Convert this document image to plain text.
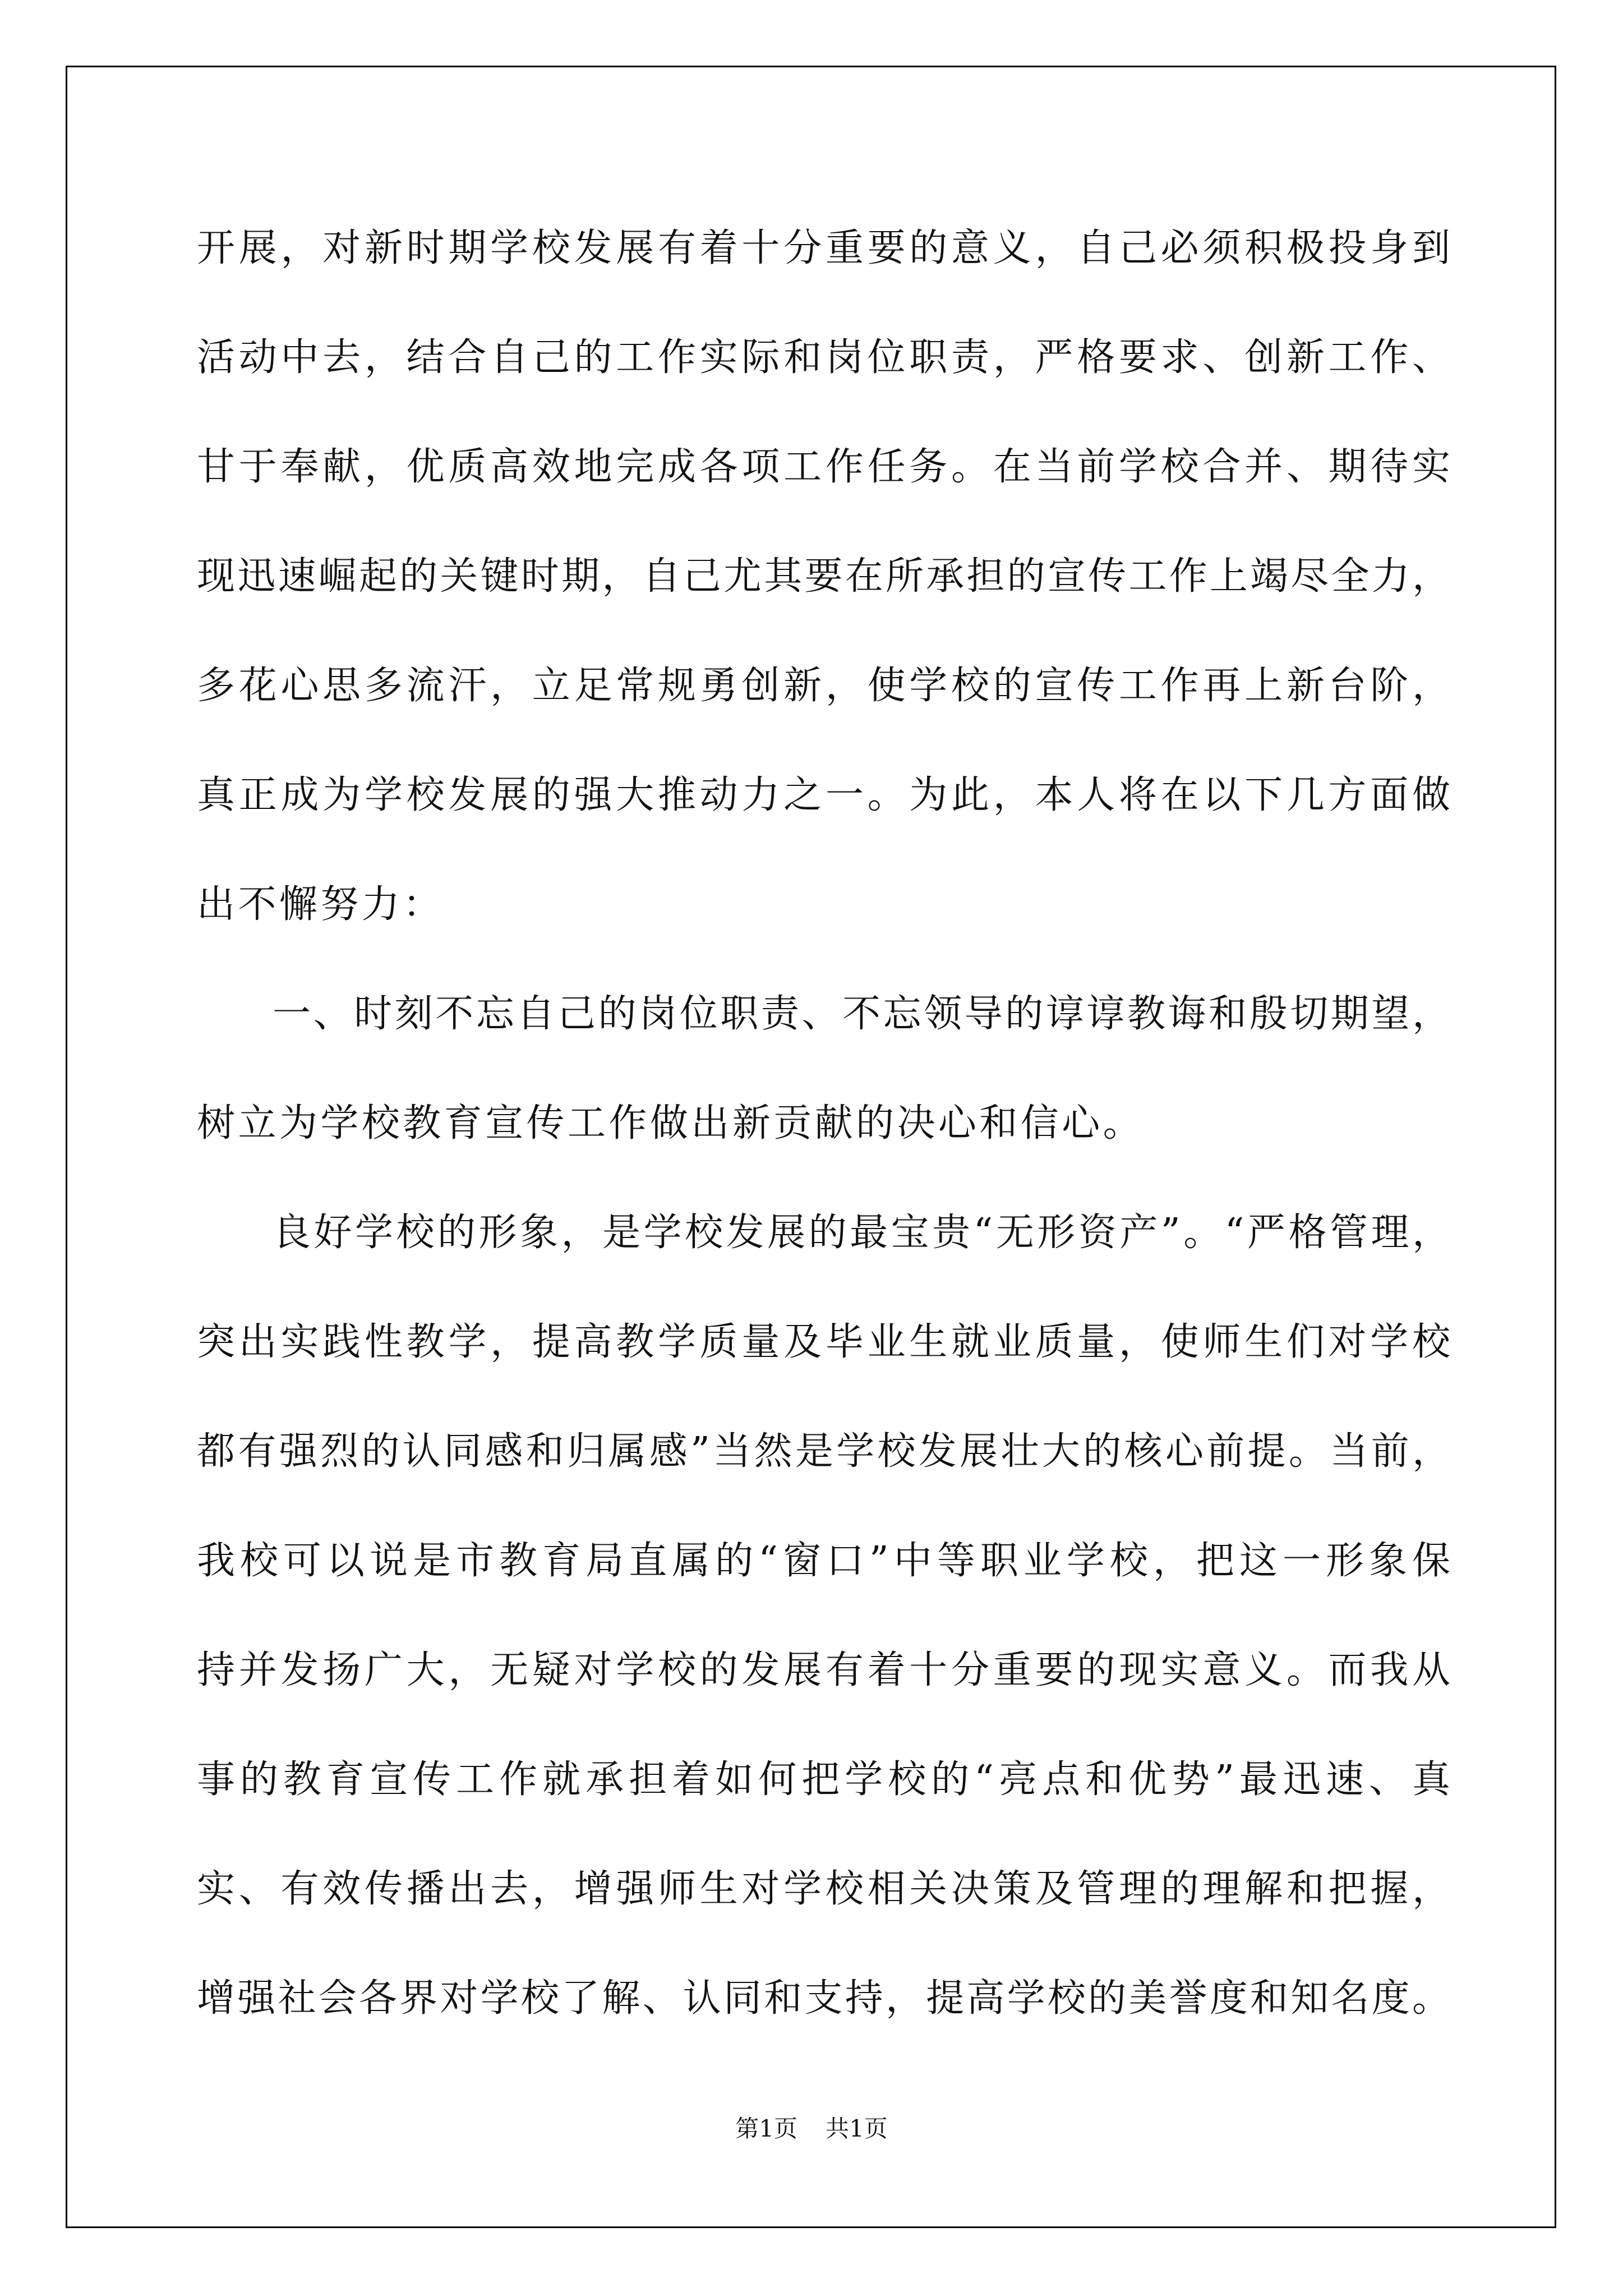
开展，对新时期学校发展有着十分重要的意义，自己必须积极投身到
活动中去，结合自己的工作实际和岗位职责，严格要求、创新工作、
甘于奉献，优质高效地完成各项工作任务。在当前学校合并、期待实
现迅速崛起的关键时期，自己尤其要在所承担的宣传工作上竭尽全力，
多花心思多流汗，立足常规勇创新，使学校的宣传工作再上新台阶，
真正成为学校发展的强大推动力之一。为此，本人将在以下几方面做
出不懈努力：
一、时刻不忘自己的岗位职责、不忘领导的谆谆教诲和殷切期望，
树立为学校教育宣传工作做出新贡献的决心和信心。
良好学校的形象，是学校发展的最宝贵“无形资产”。“严格管理，
突出实践性教学，提高教学质量及毕业生就业质量，使师生们对学校
都有强烈的认同感和归属感”当然是学校发展壮大的核心前提。当前，
我校可以说是市教育局直属的“窗口”中等职业学校，把这一形象保
持并发扬广大，无疑对学校的发展有着十分重要的现实意义。而我从
事的教育宣传工作就承担着如何把学校的“亮点和优势”最迅速、真
实、有效传播出去，增强师生对学校相关决策及管理的理解和把握，
增强社会各界对学校了解、认同和支持，提高学校的美誉度和知名度。
第1页 共1页
